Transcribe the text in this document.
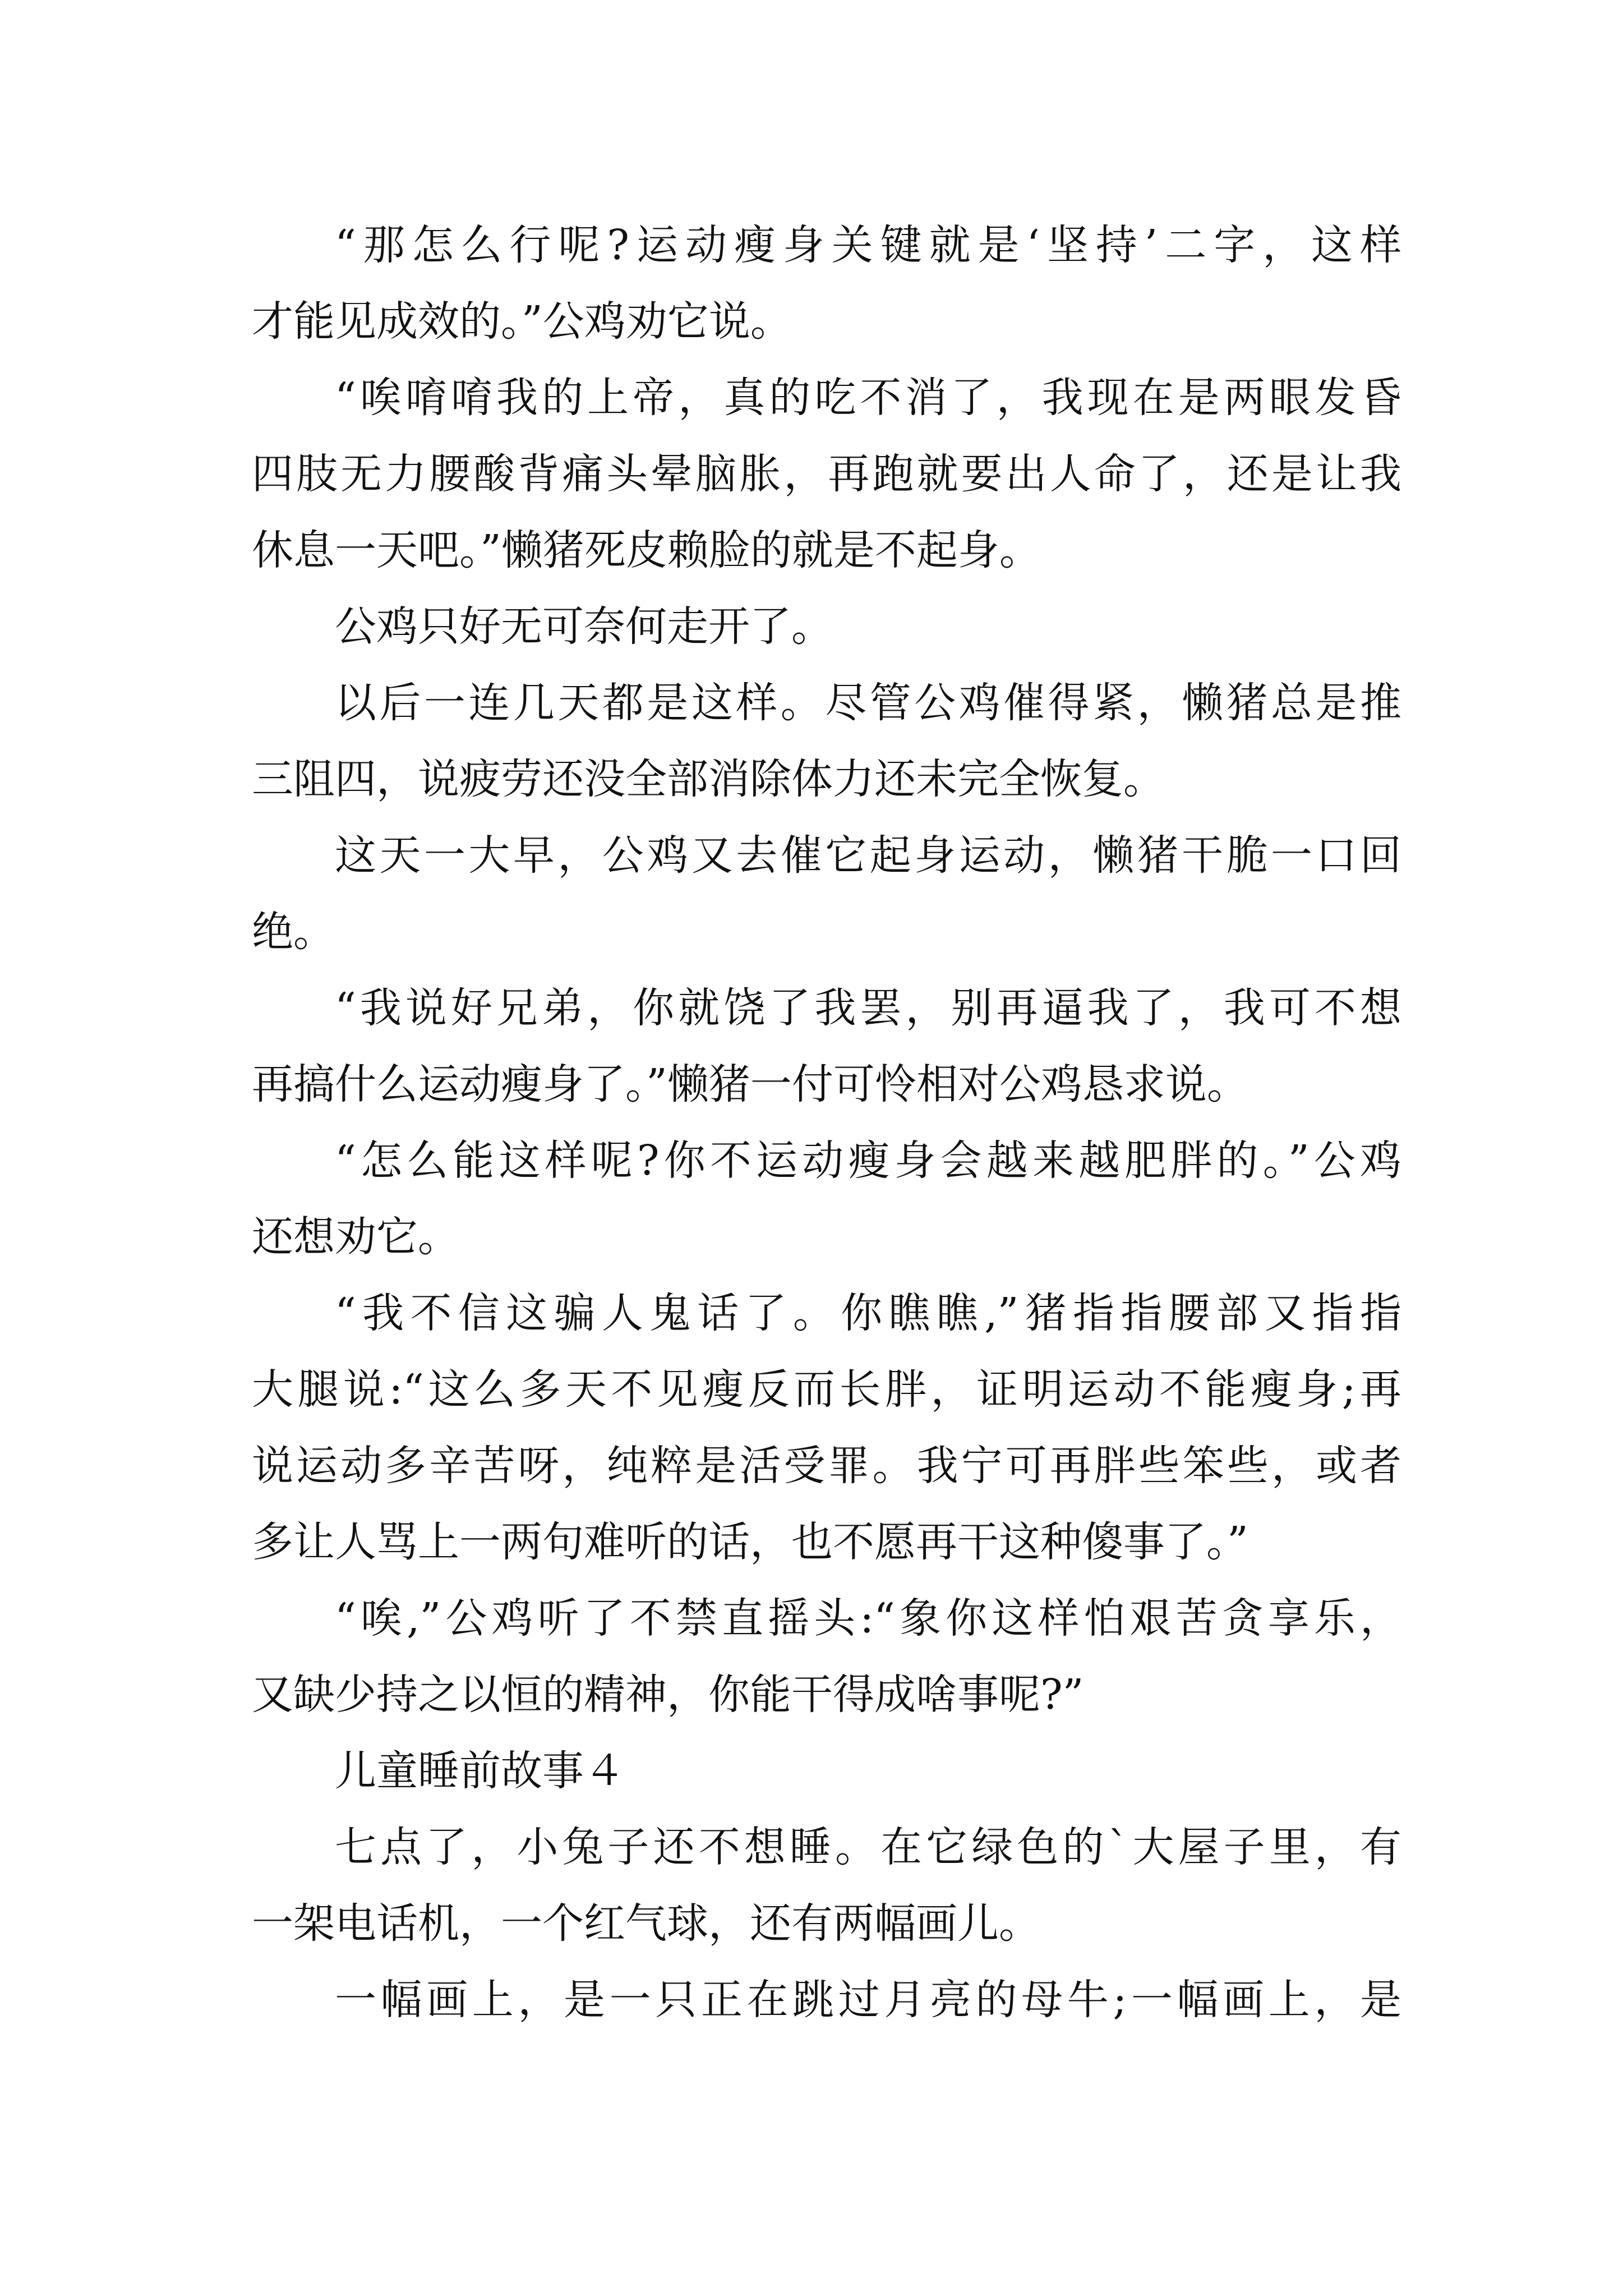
“那怎么行呢?运动瘦身关键就是‘坚持’二字，这样

才能见成效的。”公鸡劝它说。

“唉唷唷我的上帝，真的吃不消了，我现在是两眼发昏

四肢无力腰酸背痛头晕脑胀，再跑就要出人命了，还是让我

休息一天吧。”懒猪死皮赖脸的就是不起身。

公鸡只好无可奈何走开了。

以后一连几天都是这样。尽管公鸡催得紧，懒猪总是推

三阻四，说疲劳还没全部消除体力还未完全恢复。

这天一大早，公鸡又去催它起身运动，懒猪干脆一口回

绝。

“我说好兄弟，你就饶了我罢，别再逼我了，我可不想

再搞什么运动瘦身了。”懒猪一付可怜相对公鸡恳求说。

“怎么能这样呢?你不运动瘦身会越来越肥胖的。”公鸡

还想劝它。

“我不信这骗人鬼话了。你瞧瞧,”猪指指腰部又指指

大腿说:“这么多天不见瘦反而长胖，证明运动不能瘦身;再

说运动多辛苦呀，纯粹是活受罪。我宁可再胖些笨些，或者

多让人骂上一两句难听的话，也不愿再干这种傻事了。”

“唉,”公鸡听了不禁直摇头:“象你这样怕艰苦贪享乐，

又缺少持之以恒的精神，你能干得成啥事呢?”

儿童睡前故事４

七点了，小兔子还不想睡。在它绿色的`大屋子里，有

一架电话机，一个红气球，还有两幅画儿。

一幅画上，是一只正在跳过月亮的母牛;一幅画上，是
